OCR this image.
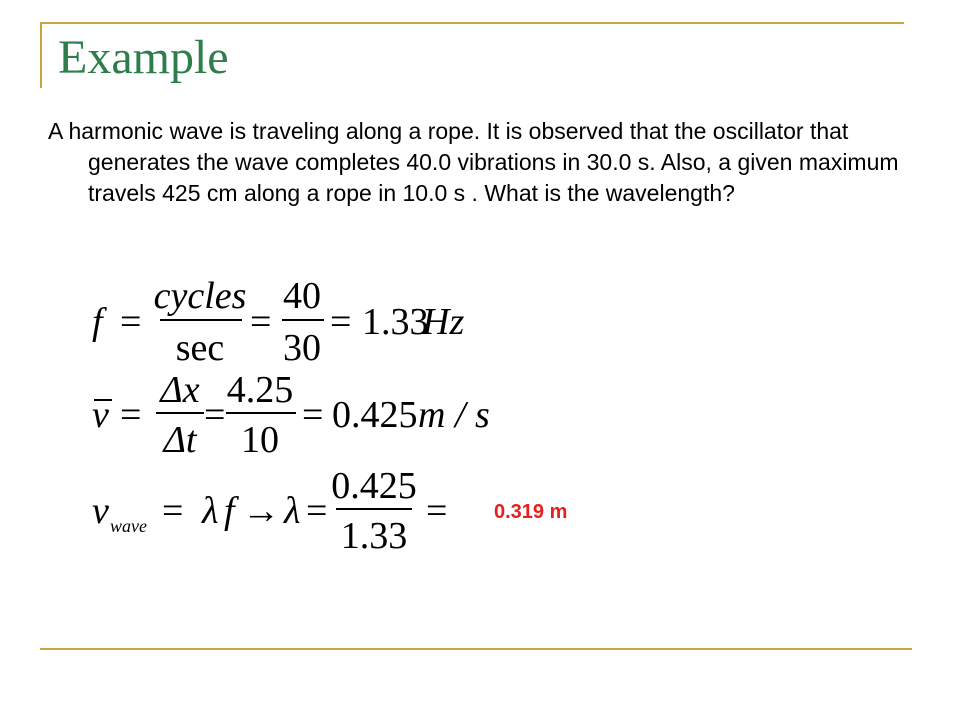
Example

A harmonic wave is traveling along a rope. It is observed that the oscillator that generates the wave completes 40.0 vibrations in 30.0 s. Also, a given maximum travels 425 cm along a rope in 10.0 s . What is the wavelength?

f =
cycles
sec
=
40
30
= 1.33
Hz
v =
Δx
Δt
=
4.25
10
= 0.425 m / s
v wave = λ f → λ =
0.425
1.33
= 0.319 m
